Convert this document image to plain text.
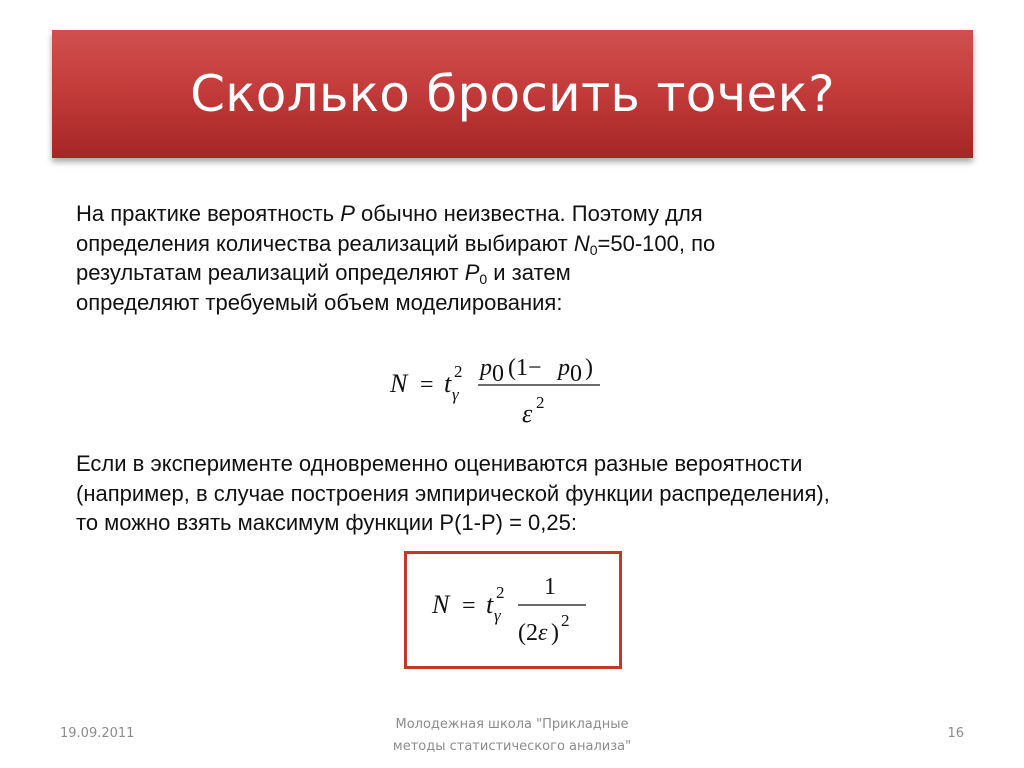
Сколько бросить точек?

На практике вероятность P обычно неизвестна. Поэтому для
определения количества реализаций выбирают $N_0=50-100$, по
результатам реализаций определяют $P_0$ и затем
определяют требуемый объем моделирования:

N = t 2
γ
p 0 (1− p 0 )
ε 2

Если в эксперименте одновременно оцениваются разные вероятности
(например, в случае построения эмпирической функции распределения),
то можно взять максимум функции Р(1-Р) = 0,25:

N = t 2
γ
1
(2 ε ) 2
19.09.2011
Молодежная школа "Прикладные
методы статистического анализа"
16
